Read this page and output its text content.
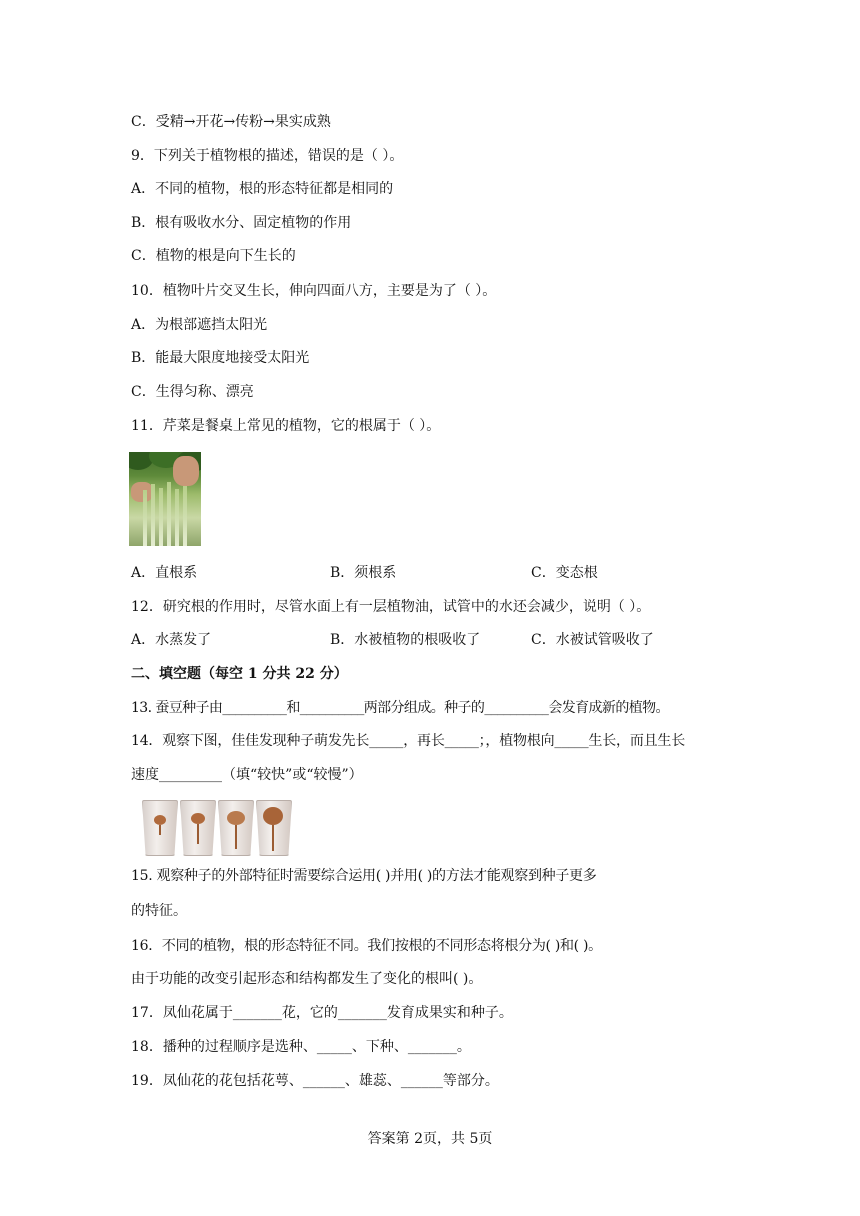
C．受精→开花→传粉→果实成熟
9．下列关于植物根的描述，错误的是（ ）。
A．不同的植物，根的形态特征都是相同的
B．根有吸收水分、固定植物的作用
C．植物的根是向下生长的
10．植物叶片交叉生长，伸向四面八方，主要是为了（ ）。
A．为根部遮挡太阳光
B．能最大限度地接受太阳光
C．生得匀称、漂亮
11．芹菜是餐桌上常见的植物，它的根属于（ ）。
A．直根系	B．须根系	C．变态根
12．研究根的作用时，尽管水面上有一层植物油，试管中的水还会减少，说明（ ）。
A．水蒸发了	B．水被植物的根吸收了	C．水被试管吸收了
二、填空题（每空 1 分共 22 分）
13. 蚕豆种子由__________和__________两部分组成。种子的__________会发育成新的植物。
14．观察下图，佳佳发现种子萌发先长_____，再长_____；，植物根向_____生长，而且生长
速度_________（填“较快”或“较慢”）
15. 观察种子的外部特征时需要综合运用( )并用( )的方法才能观察到种子更多
的特征。
16．不同的植物，根的形态特征不同。我们按根的不同形态将根分为( )和( )。
由于功能的改变引起形态和结构都发生了变化的根叫( )。
17．凤仙花属于_______花，它的_______发育成果实和种子。
18．播种的过程顺序是选种、_____、下种、_______。
19．凤仙花的花包括花萼、______、雄蕊、______等部分。
答案第 2页，共 5页
